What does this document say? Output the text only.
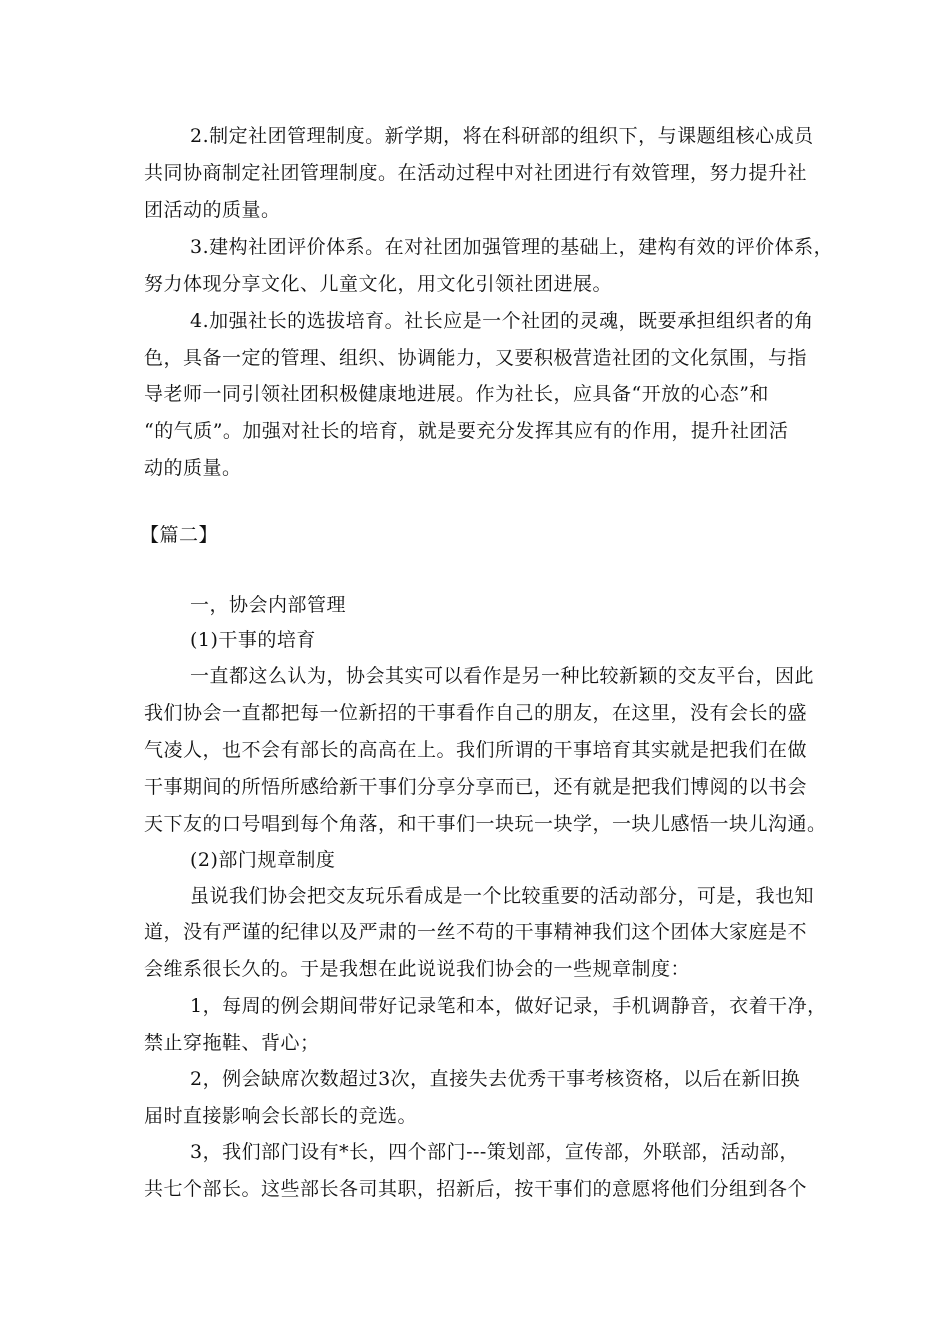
2.制定社团管理制度。新学期，将在科研部的组织下，与课题组核心成员
共同协商制定社团管理制度。在活动过程中对社团进行有效管理，努力提升社
团活动的质量。
3.建构社团评价体系。在对社团加强管理的基础上，建构有效的评价体系，
努力体现分享文化、儿童文化，用文化引领社团进展。
4.加强社长的选拔培育。社长应是一个社团的灵魂，既要承担组织者的角
色，具备一定的管理、组织、协调能力，又要积极营造社团的文化氛围，与指
导老师一同引领社团积极健康地进展。作为社长，应具备“开放的心态”和
“的气质”。加强对社长的培育，就是要充分发挥其应有的作用，提升社团活
动的质量。
【篇二】
一，协会内部管理
(1)干事的培育
一直都这么认为，协会其实可以看作是另一种比较新颖的交友平台，因此
我们协会一直都把每一位新招的干事看作自己的朋友，在这里，没有会长的盛
气凌人，也不会有部长的高高在上。我们所谓的干事培育其实就是把我们在做
干事期间的所悟所感给新干事们分享分享而已，还有就是把我们博阅的以书会
天下友的口号唱到每个角落，和干事们一块玩一块学，一块儿感悟一块儿沟通。
(2)部门规章制度
虽说我们协会把交友玩乐看成是一个比较重要的活动部分，可是，我也知
道，没有严谨的纪律以及严肃的一丝不苟的干事精神我们这个团体大家庭是不
会维系很长久的。于是我想在此说说我们协会的一些规章制度：
1，每周的例会期间带好记录笔和本，做好记录，手机调静音，衣着干净，
禁止穿拖鞋、背心；
2，例会缺席次数超过3次，直接失去优秀干事考核资格，以后在新旧换
届时直接影响会长部长的竞选。
3，我们部门设有*长，四个部门---策划部，宣传部，外联部，活动部，
共七个部长。这些部长各司其职，招新后，按干事们的意愿将他们分组到各个
